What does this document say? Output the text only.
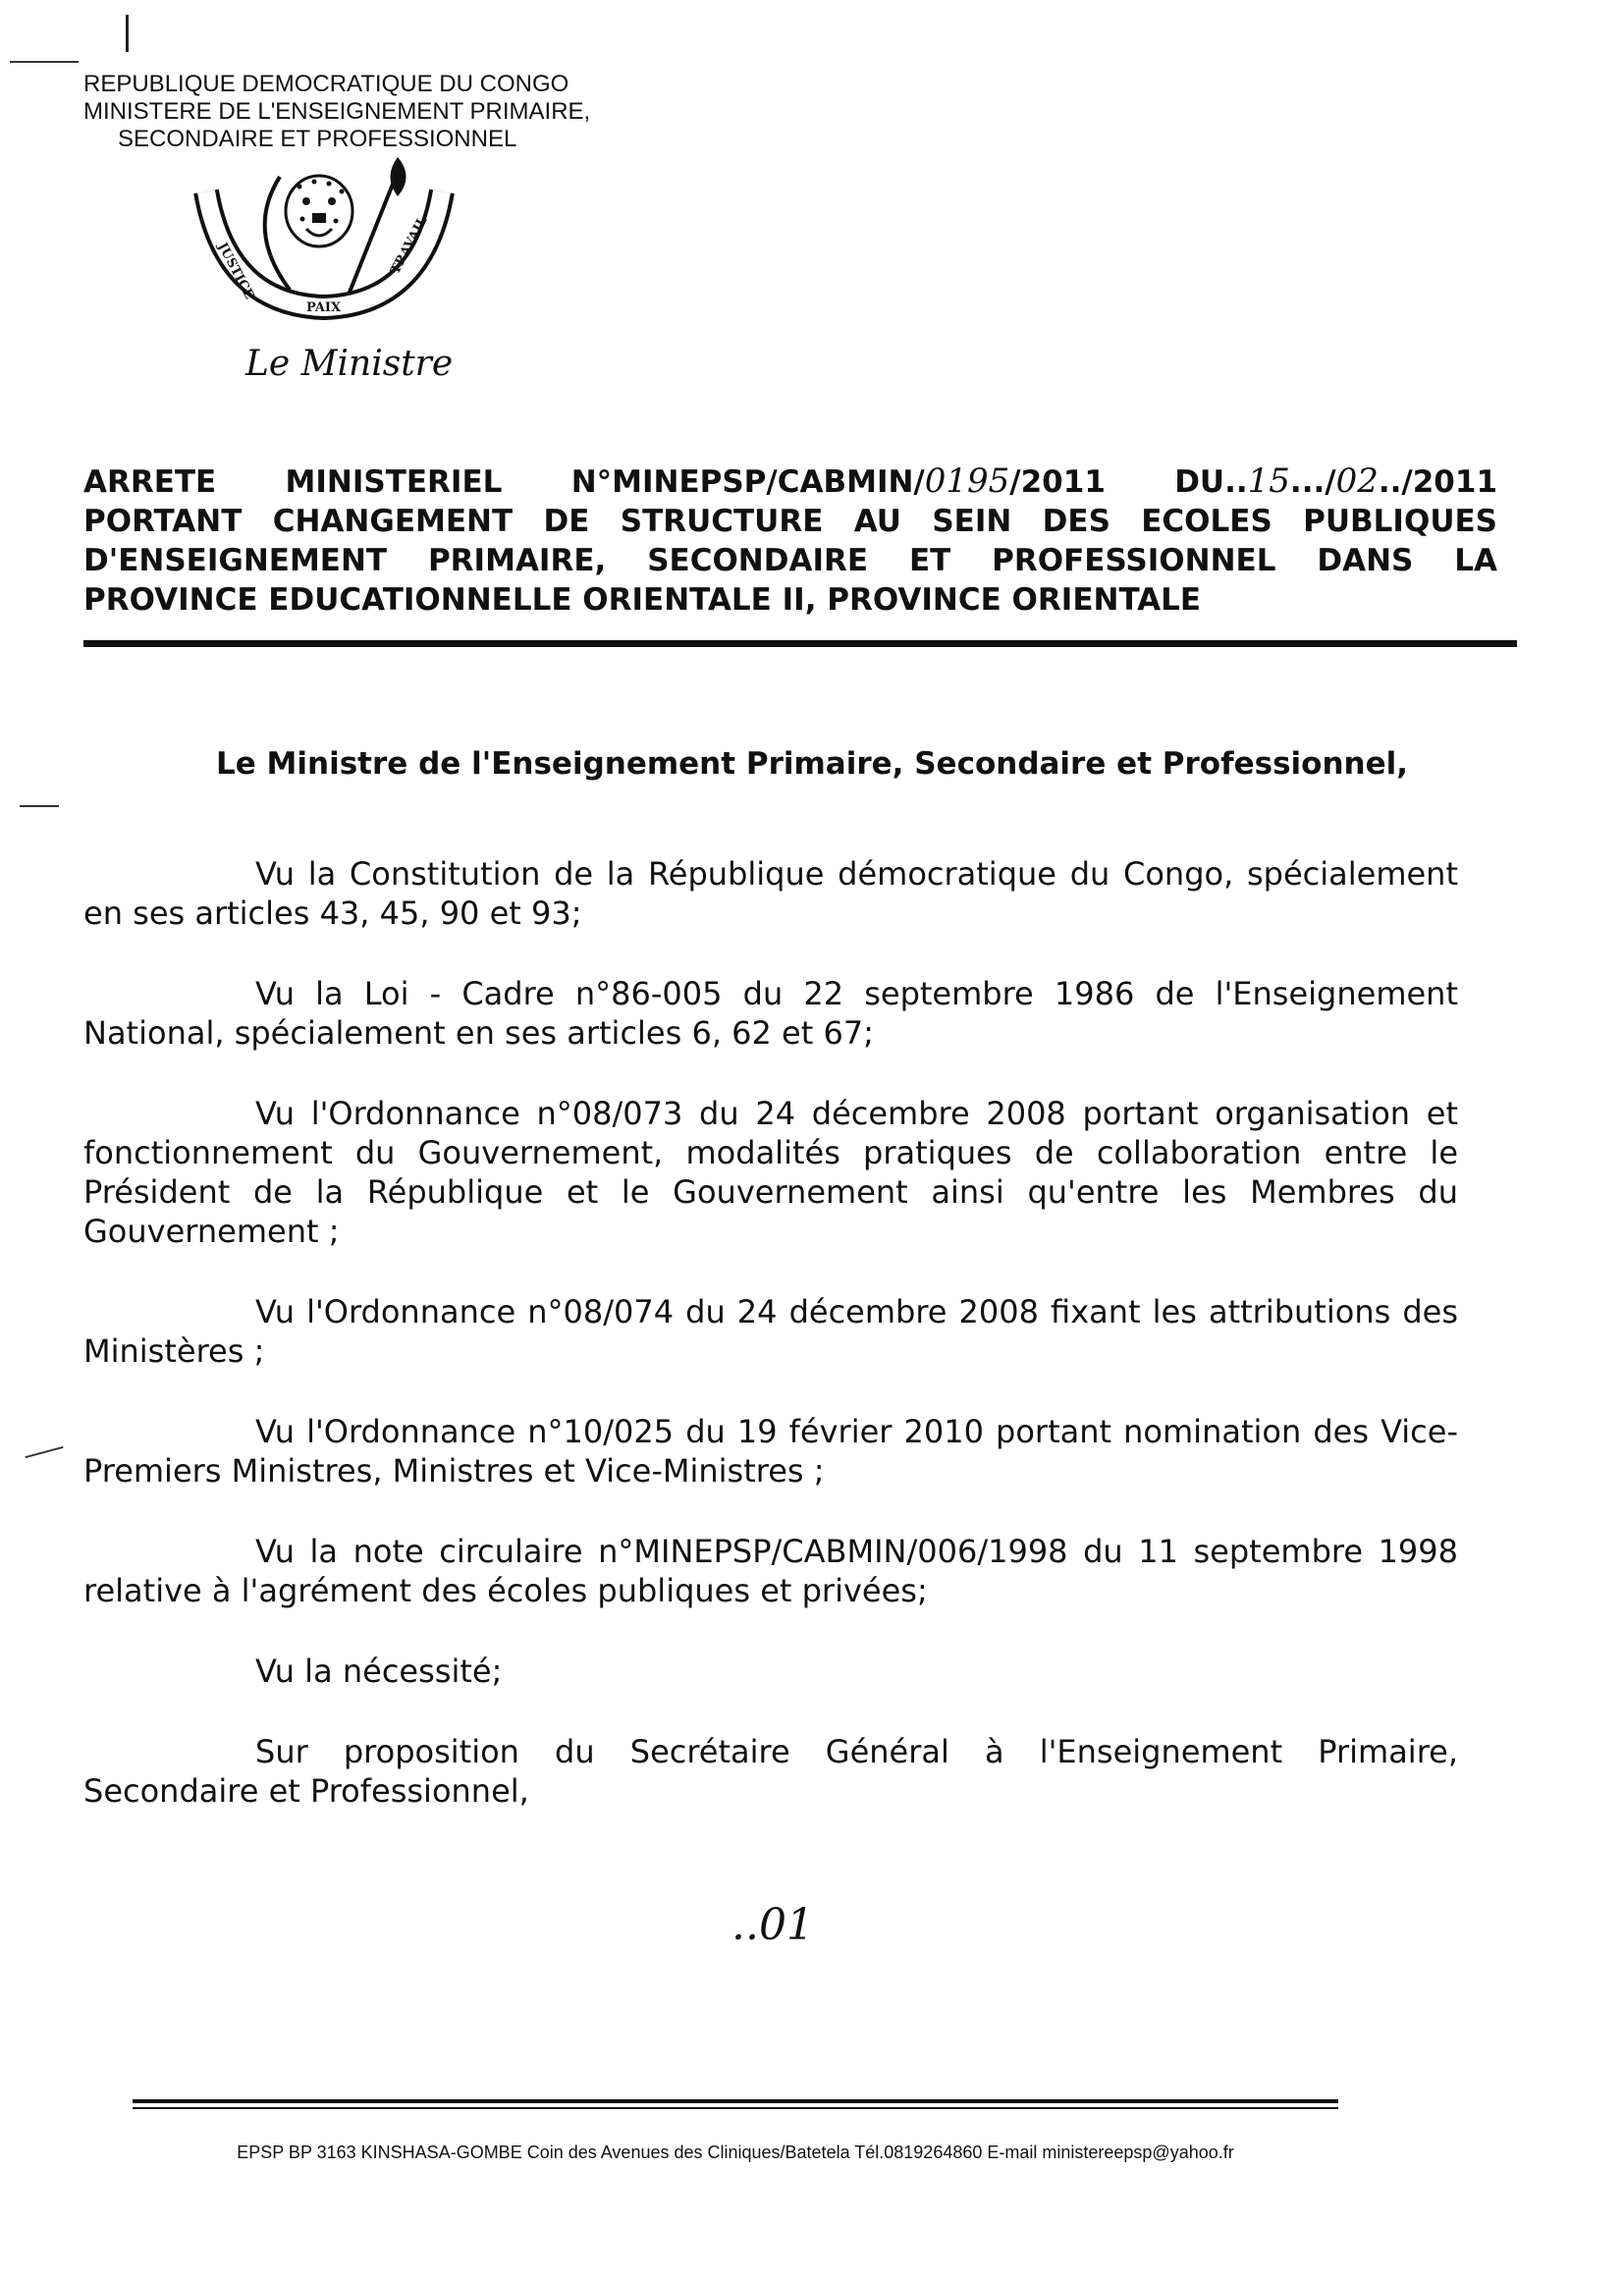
REPUBLIQUE DEMOCRATIQUE DU CONGO
MINISTERE DE L'ENSEIGNEMENT PRIMAIRE,
SECONDAIRE ET PROFESSIONNEL
JUSTICE
PAIX
TRAVAIL
Le Ministre
ARRETE MINISTERIEL N°MINEPSP/CABMIN/0195/2011 DU..15.../02../2011
PORTANT CHANGEMENT DE STRUCTURE AU SEIN DES ECOLES PUBLIQUES
D'ENSEIGNEMENT PRIMAIRE, SECONDAIRE ET PROFESSIONNEL DANS LA
PROVINCE EDUCATIONNELLE ORIENTALE II, PROVINCE ORIENTALE
Le Ministre de l'Enseignement Primaire, Secondaire et Professionnel,

Vu la Constitution de la République démocratique du Congo, spécialement en ses articles 43, 45, 90 et 93;

Vu la Loi - Cadre n°86-005 du 22 septembre 1986 de l'Enseignement National, spécialement en ses articles 6, 62 et 67;

Vu l'Ordonnance n°08/073 du 24 décembre 2008 portant organisation et fonctionnement du Gouvernement, modalités pratiques de collaboration entre le Président de la République et le Gouvernement ainsi qu'entre les Membres du Gouvernement ;

Vu l'Ordonnance n°08/074 du 24 décembre 2008 fixant les attributions des Ministères ;

Vu l'Ordonnance n°10/025 du 19 février 2010 portant nomination des Vice-Premiers Ministres, Ministres et Vice-Ministres ;

Vu la note circulaire n°MINEPSP/CABMIN/006/1998 du 11 septembre 1998 relative à l'agrément des écoles publiques et privées;

Vu la nécessité;

Sur proposition du Secrétaire Général à l'Enseignement Primaire, Secondaire et Professionnel,

..01
EPSP BP 3163 KINSHASA-GOMBE Coin des Avenues des Cliniques/Batetela Tél.0819264860 E-mail ministereepsp@yahoo.fr
